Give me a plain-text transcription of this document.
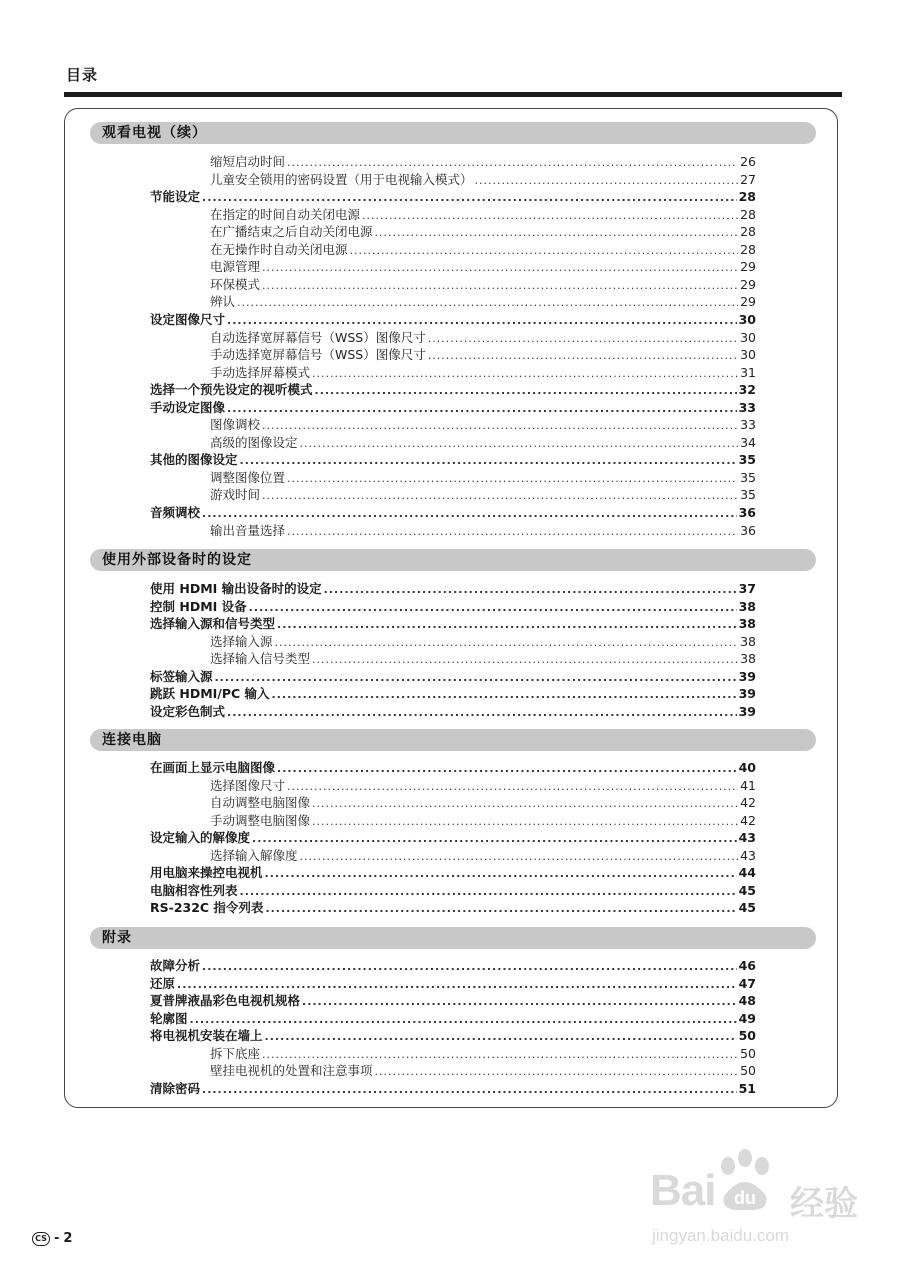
目录
观看电视（续）
缩短启动时间 .....	26
儿童安全锁用的密码设置（用于电视输入模式） .....	27
节能设定 .....	28
在指定的时间自动关闭电源 .....	28
在广播结束之后自动关闭电源 .....	28
在无操作时自动关闭电源 .....	28
电源管理 .....	29
环保模式 .....	29
辨认 .....	29
设定图像尺寸 .....	30
自动选择宽屏幕信号（WSS）图像尺寸 .....	30
手动选择宽屏幕信号（WSS）图像尺寸 .....	30
手动选择屏幕模式 .....	31
选择一个预先设定的视听模式 .....	32
手动设定图像 .....	33
图像调校 .....	33
高级的图像设定 .....	34
其他的图像设定 .....	35
调整图像位置 .....	35
游戏时间 .....	35
音频调校 .....	36
输出音量选择 .....	36
使用外部设备时的设定
使用 HDMI 输出设备时的设定 .....	37
控制 HDMI 设备 .....	38
选择输入源和信号类型 .....	38
选择输入源 .....	38
选择输入信号类型 .....	38
标签输入源 .....	39
跳跃 HDMI/PC 输入 .....	39
设定彩色制式 .....	39
连接电脑
在画面上显示电脑图像 .....	40
选择图像尺寸 .....	41
自动调整电脑图像 .....	42
手动调整电脑图像 .....	42
设定输入的解像度 .....	43
选择输入解像度 .....	43
用电脑来操控电视机 .....	44
电脑相容性列表 .....	45
RS-232C 指令列表 .....	45
附录
故障分析 .....	46
还原 .....	47
夏普牌液晶彩色电视机规格 .....	48
轮廓图 .....	49
将电视机安装在墙上 .....	50
拆下底座 .....	50
壁挂电视机的处置和注意事项 .....	50
清除密码 .....	51
CS - 2
Bai du 经验
jingyan.baidu.com
